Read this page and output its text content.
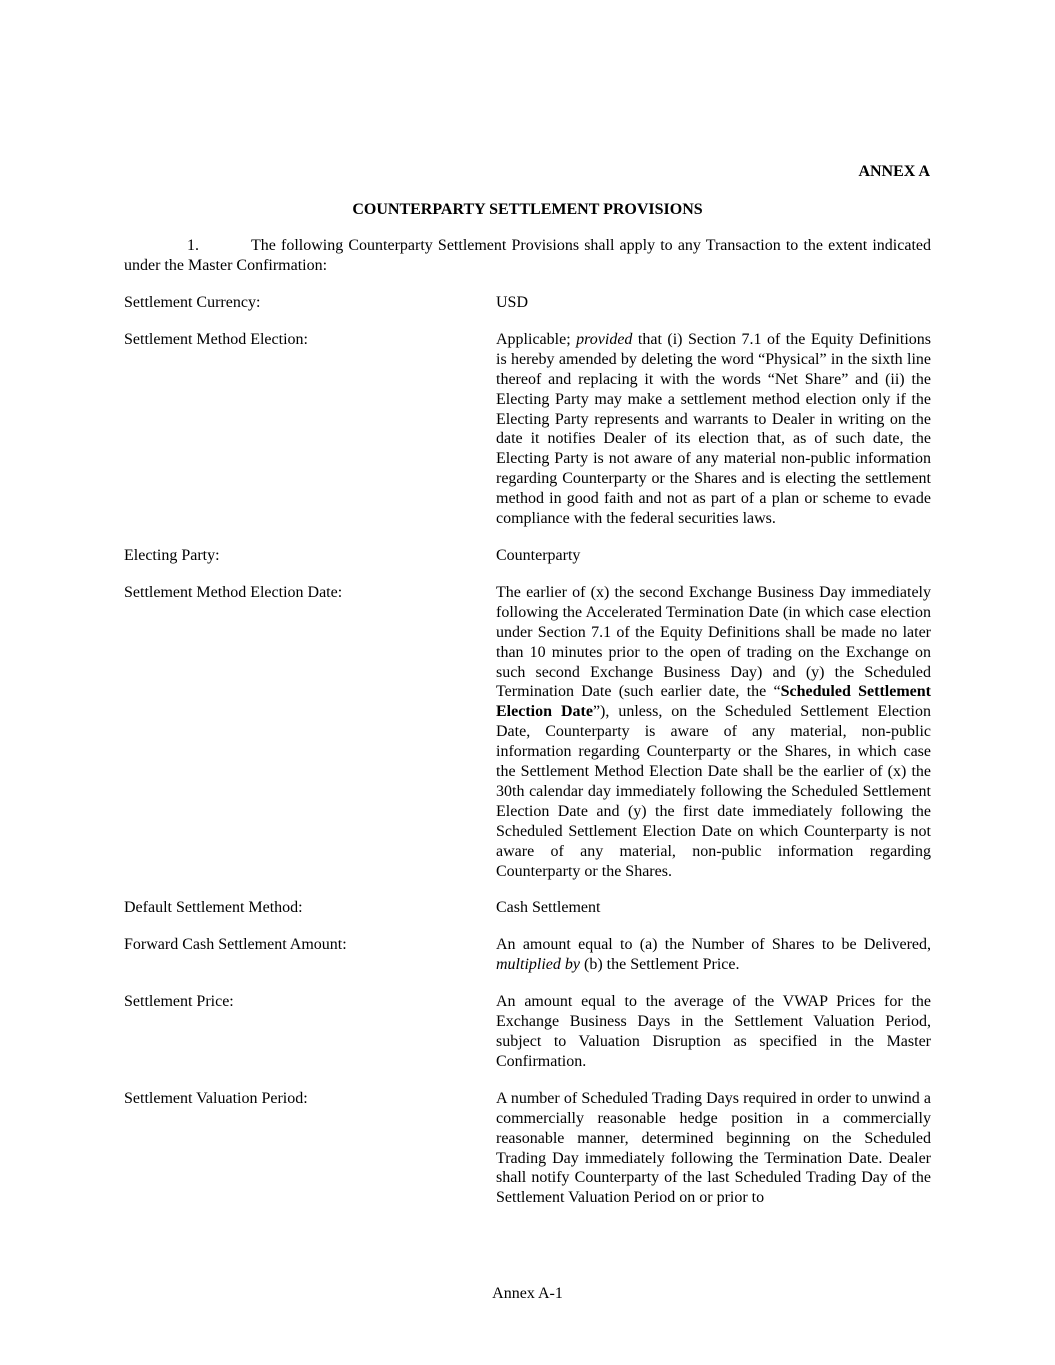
ANNEX A
COUNTERPARTY SETTLEMENT PROVISIONS

1.	The following Counterparty Settlement Provisions shall apply to any Transaction to the extent indicated under the Master Confirmation:

Settlement Currency:	USD
Settlement Method Election:	Applicable; provided that (i) Section 7.1 of the Equity Definitions is hereby amended by deleting the word “Physical” in the sixth line thereof and replacing it with the words “Net Share” and (ii) the Electing Party may make a settlement method election only if the Electing Party represents and warrants to Dealer in writing on the date it notifies Dealer of its election that, as of such date, the Electing Party is not aware of any material non-public information regarding Counterparty or the Shares and is electing the settlement method in good faith and not as part of a plan or scheme to evade compliance with the federal securities laws.
Electing Party:	Counterparty
Settlement Method Election Date:	The earlier of (x) the second Exchange Business Day immediately following the Accelerated Termination Date (in which case election under Section 7.1 of the Equity Definitions shall be made no later than 10 minutes prior to the open of trading on the Exchange on such second Exchange Business Day) and (y) the Scheduled Termination Date (such earlier date, the “Scheduled Settlement Election Date”), unless, on the Scheduled Settlement Election Date, Counterparty is aware of any material, non-public information regarding Counterparty or the Shares, in which case the Settlement Method Election Date shall be the earlier of (x) the 30th calendar day immediately following the Scheduled Settlement Election Date and (y) the first date immediately following the Scheduled Settlement Election Date on which Counterparty is not aware of any material, non-public information regarding Counterparty or the Shares.
Default Settlement Method:	Cash Settlement
Forward Cash Settlement Amount:	An amount equal to (a) the Number of Shares to be Delivered, multiplied by (b) the Settlement Price.
Settlement Price:	An amount equal to the average of the VWAP Prices for the Exchange Business Days in the Settlement Valuation Period, subject to Valuation Disruption as specified in the Master Confirmation.
Settlement Valuation Period:	A number of Scheduled Trading Days required in order to unwind a commercially reasonable hedge position in a commercially reasonable manner, determined beginning on the Scheduled Trading Day immediately following the Termination Date. Dealer shall notify Counterparty of the last Scheduled Trading Day of the Settlement Valuation Period on or prior to
Annex A-1
